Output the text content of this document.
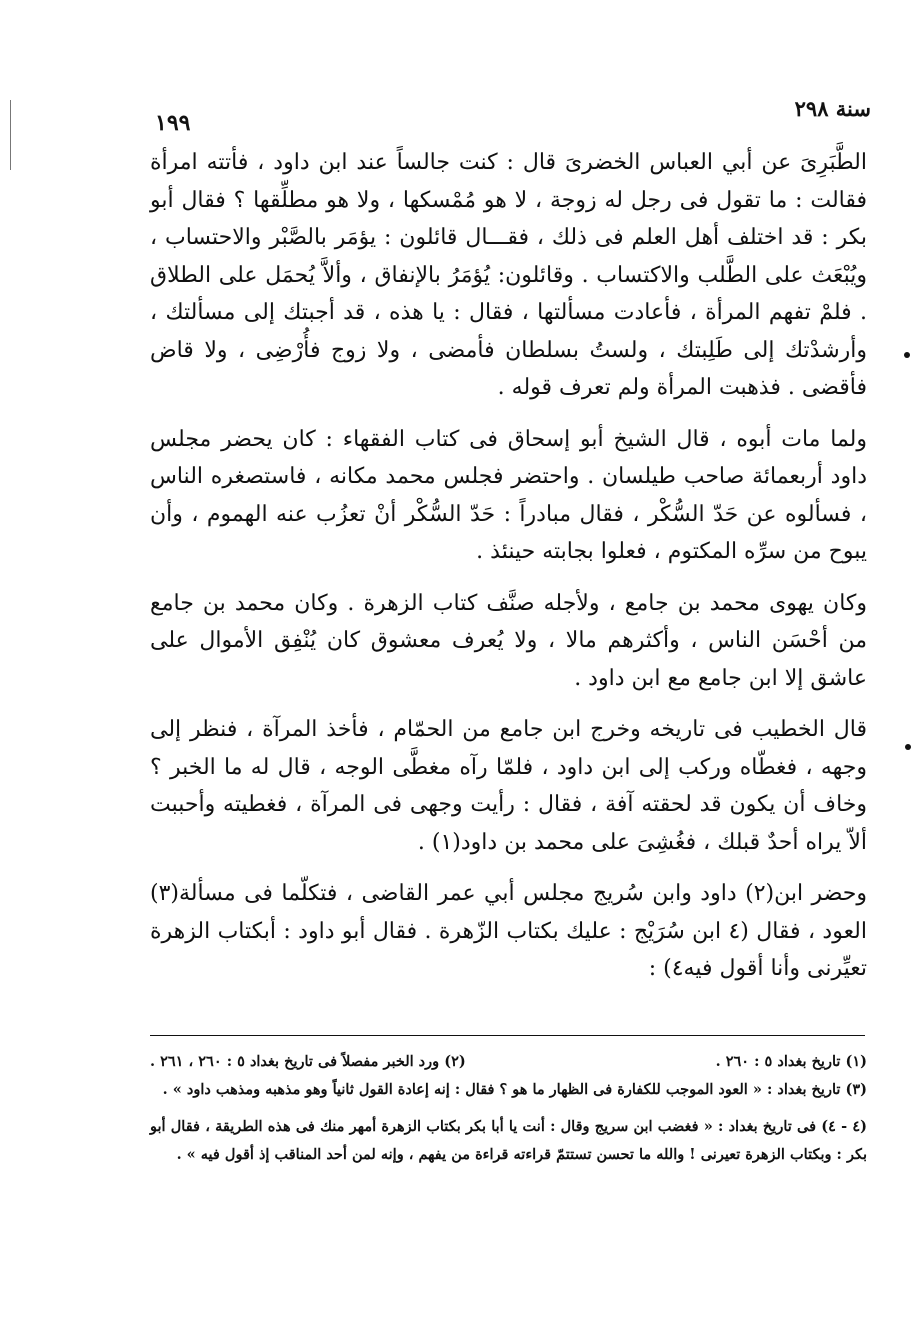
سنة ٢٩٨
١٩٩

الطَّبَرِىَ عن أبي العباس الخضرىَ قال : كنت جالساً عند ابن داود ، فأتته امرأة فقالت : ما تقول فى رجل له زوجة ، لا هو مُمْسكها ، ولا هو مطلِّقها ؟ فقال أبو بكر : قد اختلف أهل العلم فى ذلك ، فقـــال قائلون : يؤمَر بالصَّبْر والاحتساب ، ويُبْعَث على الطَّلب والاكتساب . وقائلون: يُؤمَرُ بالإنفاق ، وألاَّ يُحمَل على الطلاق . فلمْ تفهم المرأة ، فأعادت مسألتها ، فقال : يا هذه ، قد أجبتك إلى مسألتك ، وأرشدْتك إلى طَلِبتك ، ولستُ بسلطان فأمضى ، ولا زوج فأُرْضِى ، ولا قاض فأقضى . فذهبت المرأة ولم تعرف قوله .

ولما مات أبوه ، قال الشيخ أبو إسحاق فى كتاب الفقهاء : كان يحضر مجلس داود أربعمائة صاحب طيلسان . واحتضر فجلس محمد مكانه ، فاستصغره الناس ، فسألوه عن حَدّ السُّكْر ، فقال مبادراً : حَدّ السُّكْر أنْ تعزُب عنه الهموم ، وأن يبوح من سرِّه المكتوم ، فعلوا بجابته حينئذ .

وكان يهوى محمد بن جامع ، ولأجله صنَّف كتاب الزهرة . وكان محمد بن جامع من أحْسَن الناس ، وأكثرهم مالا ، ولا يُعرف معشوق كان يُنْفِق الأموال على عاشق إلا ابن جامع مع ابن داود .

قال الخطيب فى تاريخه وخرج ابن جامع من الحمّام ، فأخذ المرآة ، فنظر إلى وجهه ، فغطّاه وركب إلى ابن داود ، فلمّا رآه مغطَّى الوجه ، قال له ما الخبر ؟ وخاف أن يكون قد لحقته آفة ، فقال : رأيت وجهى فى المرآة ، فغطيته وأحببت ألاّ يراه أحدٌ قبلك ، فغُشِىَ على محمد بن داود(١) .

وحضر ابن(٢) داود وابن سُريج مجلس أبي عمر القاضى ، فتكلّما فى مسألة(٣) العود ، فقال (٤ ابن سُرَيْج : عليك بكتاب الزّهرة . فقال أبو داود : أبكتاب الزهرة تعيِّرنى وأنا أقول فيه٤) :

(١) تاريخ بغداد ٥ : ٢٦٠ .
(٢) ورد الخبر مفصلاً فى تاريخ بغداد ٥ : ٢٦٠ ، ٢٦١ .

(٣) تاريخ بغداد : « العود الموجب للكفارة فى الظهار ما هو ؟ فقال : إنه إعادة القول ثانياً وهو مذهبه ومذهب داود » .

(٤ - ٤) فى تاريخ بغداد : « فغضب ابن سريج وقال : أنت يا أبا بكر بكتاب الزهرة أمهر منك فى هذه الطريقة ، فقال أبو بكر : وبكتاب الزهرة تعيرنى ! والله ما تحسن تستتمّ قراءته قراءة من يفهم ، وإنه لمن أحد المناقب إذ أقول فيه » .
